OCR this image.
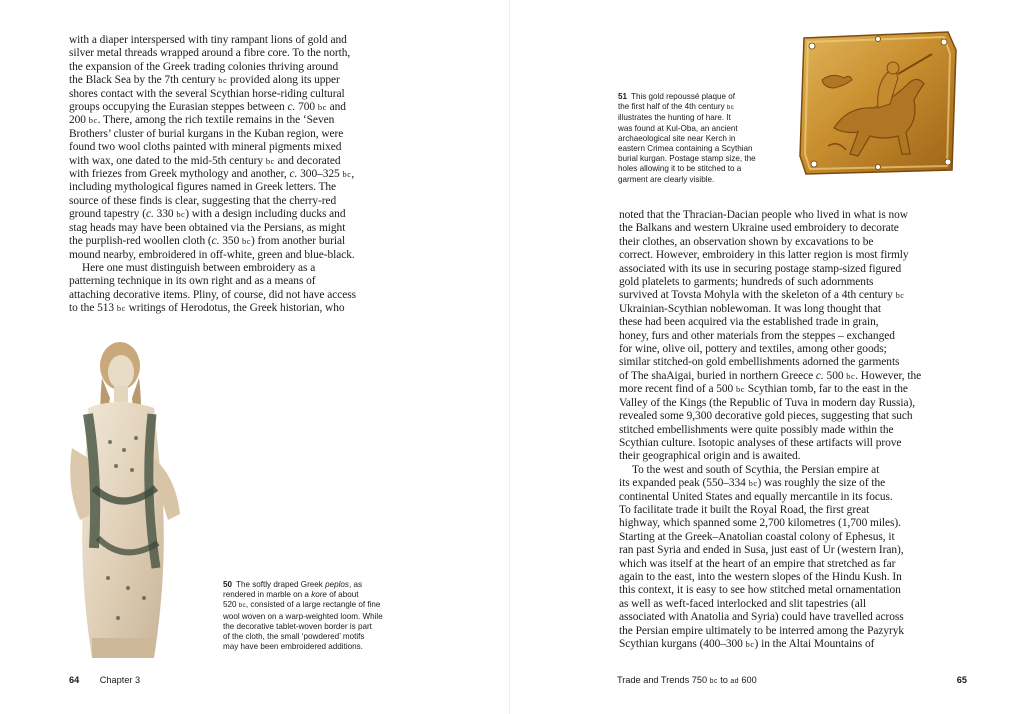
with a diaper interspersed with tiny rampant lions of gold and
silver metal threads wrapped around a fibre core. To the north,
the expansion of the Greek trading colonies thriving around
the Black Sea by the 7th century bc provided along its upper
shores contact with the several Scythian horse-riding cultural
groups occupying the Eurasian steppes between c. 700 bc and
200 bc. There, among the rich textile remains in the ‘Seven
Brothers’ cluster of burial kurgans in the Kuban region, were
found two wool cloths painted with mineral pigments mixed
with wax, one dated to the mid-5th century bc and decorated
with friezes from Greek mythology and another, c. 300–325 bc,
including mythological figures named in Greek letters. The
source of these finds is clear, suggesting that the cherry-red
ground tapestry (c. 330 bc) with a design including ducks and
stag heads may have been obtained via the Persians, as might
the purplish-red woollen cloth (c. 350 bc) from another burial
mound nearby, embroidered in off-white, green and blue-black.

Here one must distinguish between embroidery as a
patterning technique in its own right and as a means of
attaching decorative items. Pliny, of course, did not have access
to the 513 bc writings of Herodotus, the Greek historian, who

50 The softly draped Greek peplos, as
rendered in marble on a kore of about
520 bc, consisted of a large rectangle of fine
wool woven on a warp-weighted loom. While
the decorative tablet-woven border is part
of the cloth, the small ‘powdered’ motifs
may have been embroidered additions.
64 Chapter 3
51 This gold repoussé plaque of
the first half of the 4th century bc
illustrates the hunting of hare. It
was found at Kul-Oba, an ancient
archaeological site near Kerch in
eastern Crimea containing a Scythian
burial kurgan. Postage stamp size, the
holes allowing it to be stitched to a
garment are clearly visible.

noted that the Thracian-Dacian people who lived in what is now
the Balkans and western Ukraine used embroidery to decorate
their clothes, an observation shown by excavations to be
correct. However, embroidery in this latter region is most firmly
associated with its use in securing postage stamp-sized figured
gold platelets to garments; hundreds of such adornments
survived at Tovsta Mohyla with the skeleton of a 4th century bc
Ukrainian-Scythian noblewoman. It was long thought that
these had been acquired via the established trade in grain,
honey, furs and other materials from the steppes – exchanged
for wine, olive oil, pottery and textiles, among other goods;
similar stitched-on gold embellishments adorned the garments
of The shaAigai, buried in northern Greece c. 500 bc. However, the
more recent find of a 500 bc Scythian tomb, far to the east in the
Valley of the Kings (the Republic of Tuva in modern day Russia),
revealed some 9,300 decorative gold pieces, suggesting that such
stitched embellishments were quite possibly made within the
Scythian culture. Isotopic analyses of these artifacts will prove
their geographical origin and is awaited.

To the west and south of Scythia, the Persian empire at
its expanded peak (550–334 bc) was roughly the size of the
continental United States and equally mercantile in its focus.
To facilitate trade it built the Royal Road, the first great
highway, which spanned some 2,700 kilometres (1,700 miles).
Starting at the Greek–Anatolian coastal colony of Ephesus, it
ran past Syria and ended in Susa, just east of Ur (western Iran),
which was itself at the heart of an empire that stretched as far
again to the east, into the western slopes of the Hindu Kush. In
this context, it is easy to see how stitched metal ornamentation
as well as weft-faced interlocked and slit tapestries (all
associated with Anatolia and Syria) could have travelled across
the Persian empire ultimately to be interred among the Pazyryk
Scythian kurgans (400–300 bc) in the Altai Mountains of

Trade and Trends 750 bc to ad 600	65
